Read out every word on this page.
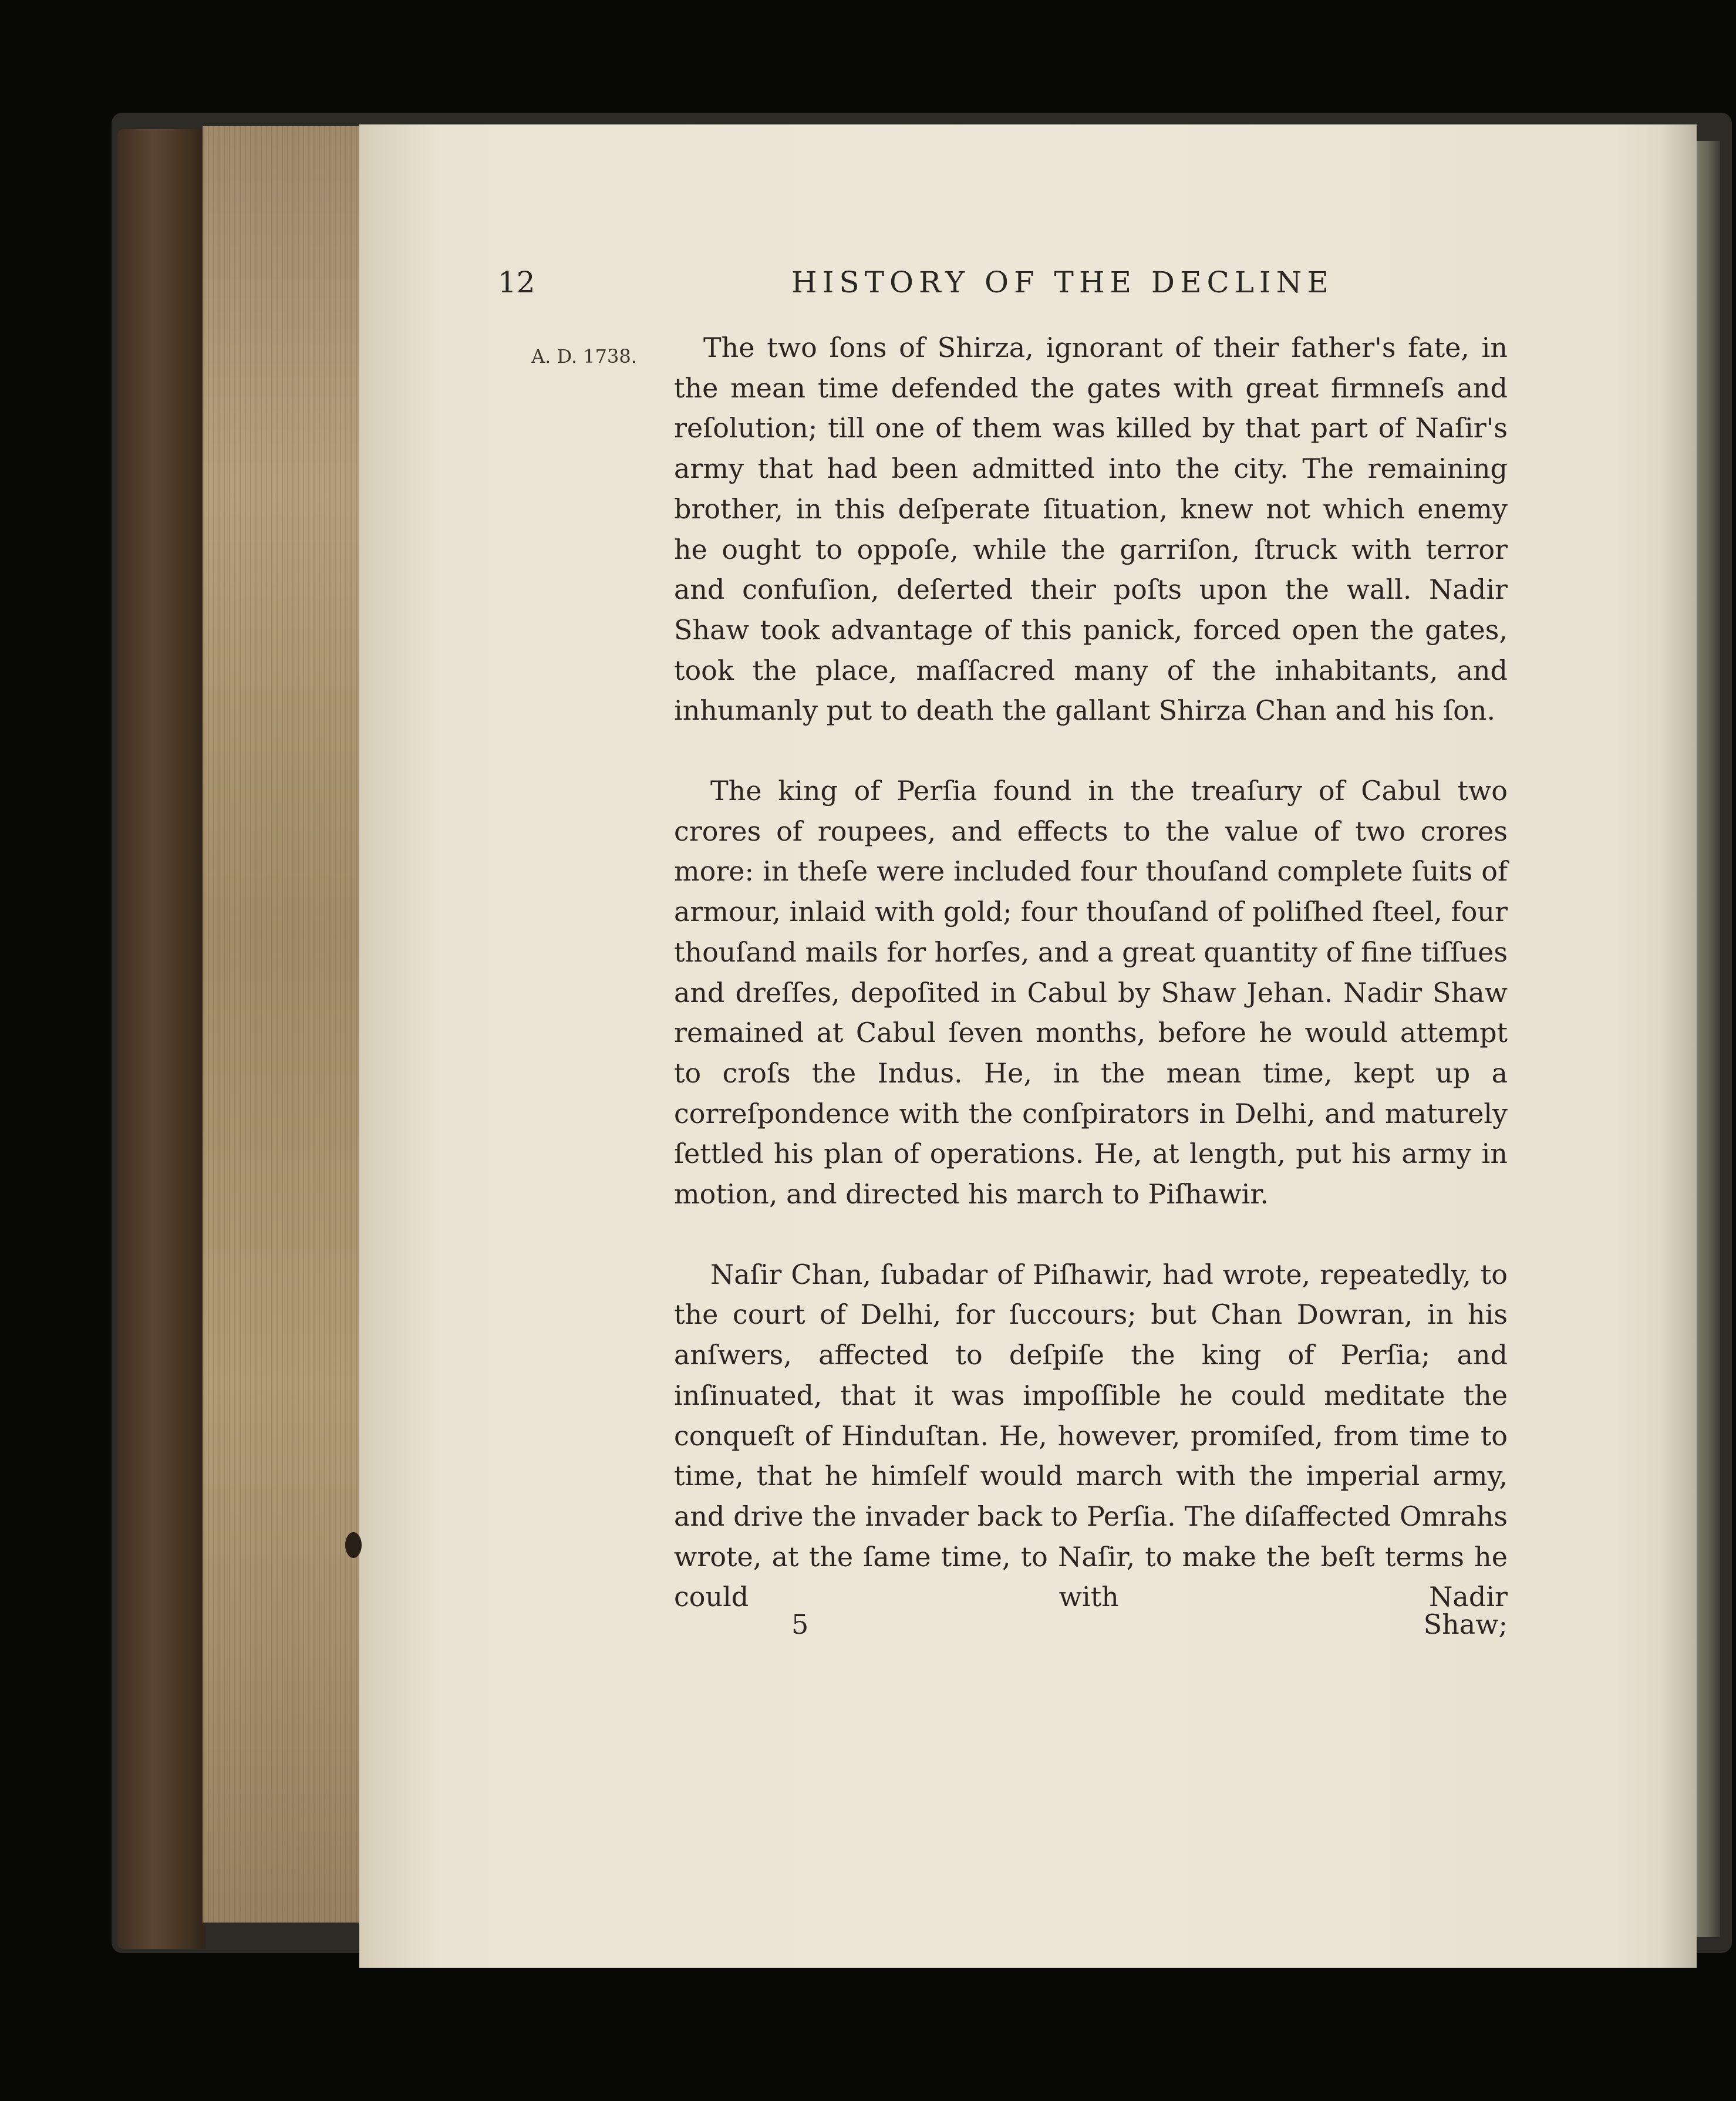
12	HISTORY OF THE DECLINE
A. D. 1738.	The two ſons of Shirza, ignorant of their father's fate, in the mean time defended the gates with great firmneſs and reſolution; till one of them was killed by that part of Naſir's army that had been admitted into the city. The remaining brother, in this deſperate ſituation, knew not which enemy he ought to oppoſe, while the garriſon, ſtruck with terror and confuſion, deſerted their poſts upon the wall. Nadir Shaw took advantage of this panick, forced open the gates, took the place, maſſacred many of the inhabitants, and inhumanly put to death the gallant Shirza Chan and his ſon.

The king of Perſia found in the treaſury of Cabul two crores of roupees, and effects to the value of two crores more: in theſe were included four thouſand complete ſuits of armour, inlaid with gold; four thouſand of poliſhed ſteel, four thouſand mails for horſes, and a great quantity of fine tiſſues and dreſſes, depoſited in Cabul by Shaw Jehan. Nadir Shaw remained at Cabul ſeven months, before he would attempt to croſs the Indus. He, in the mean time, kept up a correſpondence with the conſpirators in Delhi, and maturely ſettled his plan of operations. He, at length, put his army in motion, and directed his march to Piſhawir.

Naſir Chan, ſubadar of Piſhawir, had wrote, repeatedly, to the court of Delhi, for ſuccours; but Chan Dowran, in his anſwers, affected to deſpiſe the king of Perſia; and inſinuated, that it was impoſſible he could meditate the conqueſt of Hinduſtan. He, however, promiſed, from time to time, that he himſelf would march with the imperial army, and drive the invader back to Perſia. The diſaffected Omrahs wrote, at the ſame time, to Naſir, to make the beſt terms he could with Nadir

5	Shaw;
